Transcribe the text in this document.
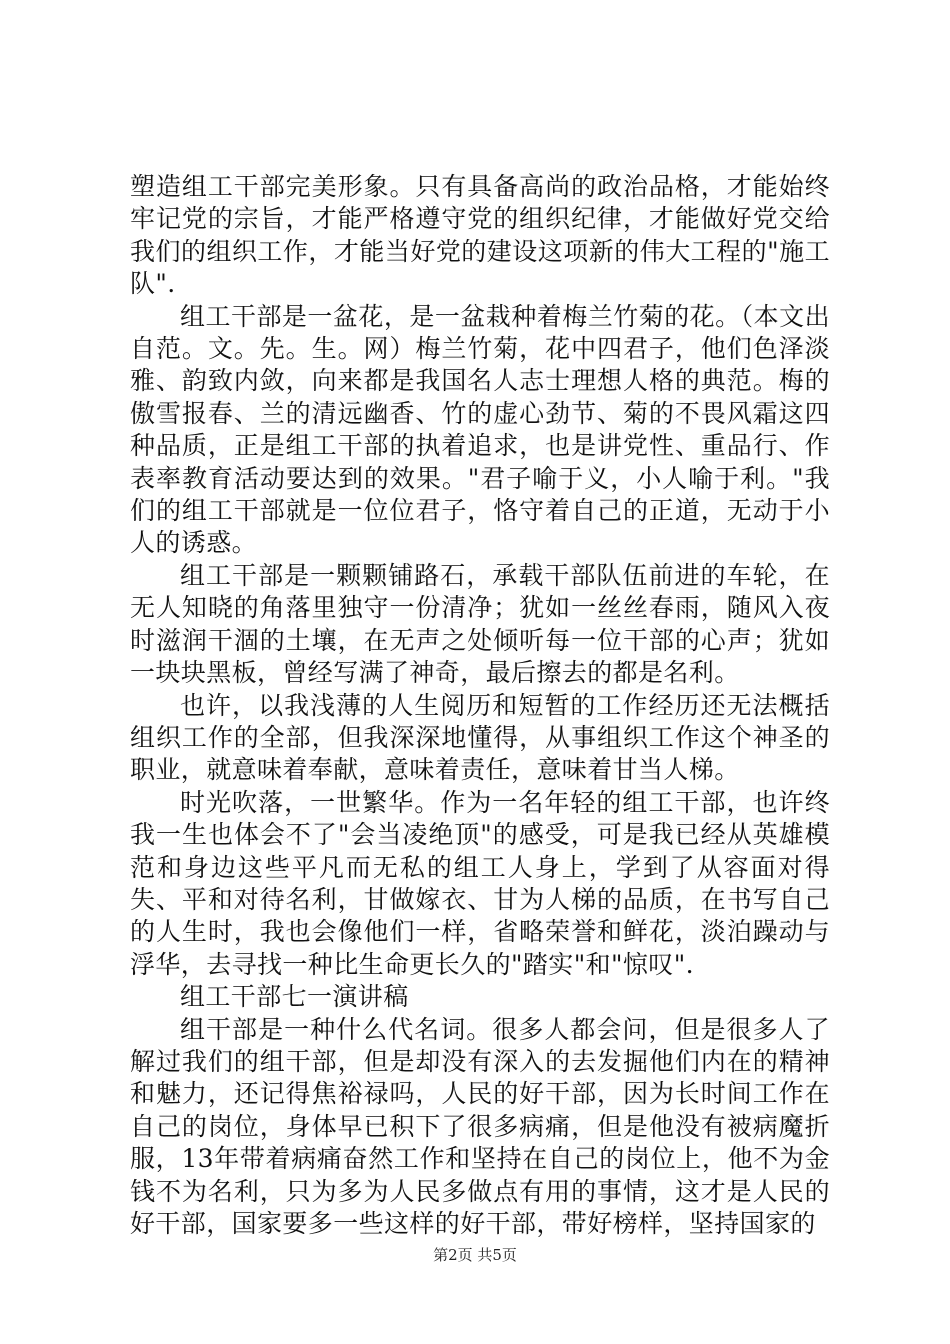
塑造组工干部完美形象。只有具备高尚的政治品格，才能始终牢记党的宗旨，才能严格遵守党的组织纪律，才能做好党交给我们的组织工作，才能当好党的建设这项新的伟大工程的"施工队".

组工干部是一盆花，是一盆栽种着梅兰竹菊的花。（本文出自范。文。先。生。网）梅兰竹菊，花中四君子，他们色泽淡雅、韵致内敛，向来都是我国名人志士理想人格的典范。梅的傲雪报春、兰的清远幽香、竹的虚心劲节、菊的不畏风霜这四种品质，正是组工干部的执着追求，也是讲党性、重品行、作表率教育活动要达到的效果。"君子喻于义，小人喻于利。"我们的组工干部就是一位位君子，恪守着自己的正道，无动于小人的诱惑。

组工干部是一颗颗铺路石，承载干部队伍前进的车轮，在无人知晓的角落里独守一份清净；犹如一丝丝春雨，随风入夜时滋润干涸的土壤，在无声之处倾听每一位干部的心声；犹如一块块黑板，曾经写满了神奇，最后擦去的都是名利。

也许，以我浅薄的人生阅历和短暂的工作经历还无法概括组织工作的全部，但我深深地懂得，从事组织工作这个神圣的职业，就意味着奉献，意味着责任，意味着甘当人梯。

时光吹落，一世繁华。作为一名年轻的组工干部，也许终我一生也体会不了"会当凌绝顶"的感受，可是我已经从英雄模范和身边这些平凡而无私的组工人身上，学到了从容面对得失、平和对待名利，甘做嫁衣、甘为人梯的品质，在书写自己的人生时，我也会像他们一样，省略荣誉和鲜花，淡泊躁动与浮华，去寻找一种比生命更长久的"踏实"和"惊叹".

组工干部七一演讲稿

组干部是一种什么代名词。很多人都会问，但是很多人了解过我们的组干部，但是却没有深入的去发掘他们内在的精神和魅力，还记得焦裕禄吗，人民的好干部，因为长时间工作在自己的岗位，身体早已积下了很多病痛，但是他没有被病魔折服，13年带着病痛奋然工作和坚持在自己的岗位上，他不为金钱不为名利，只为多为人民多做点有用的事情，这才是人民的好干部，国家要多一些这样的好干部，带好榜样，坚持国家的

第2页 共5页
